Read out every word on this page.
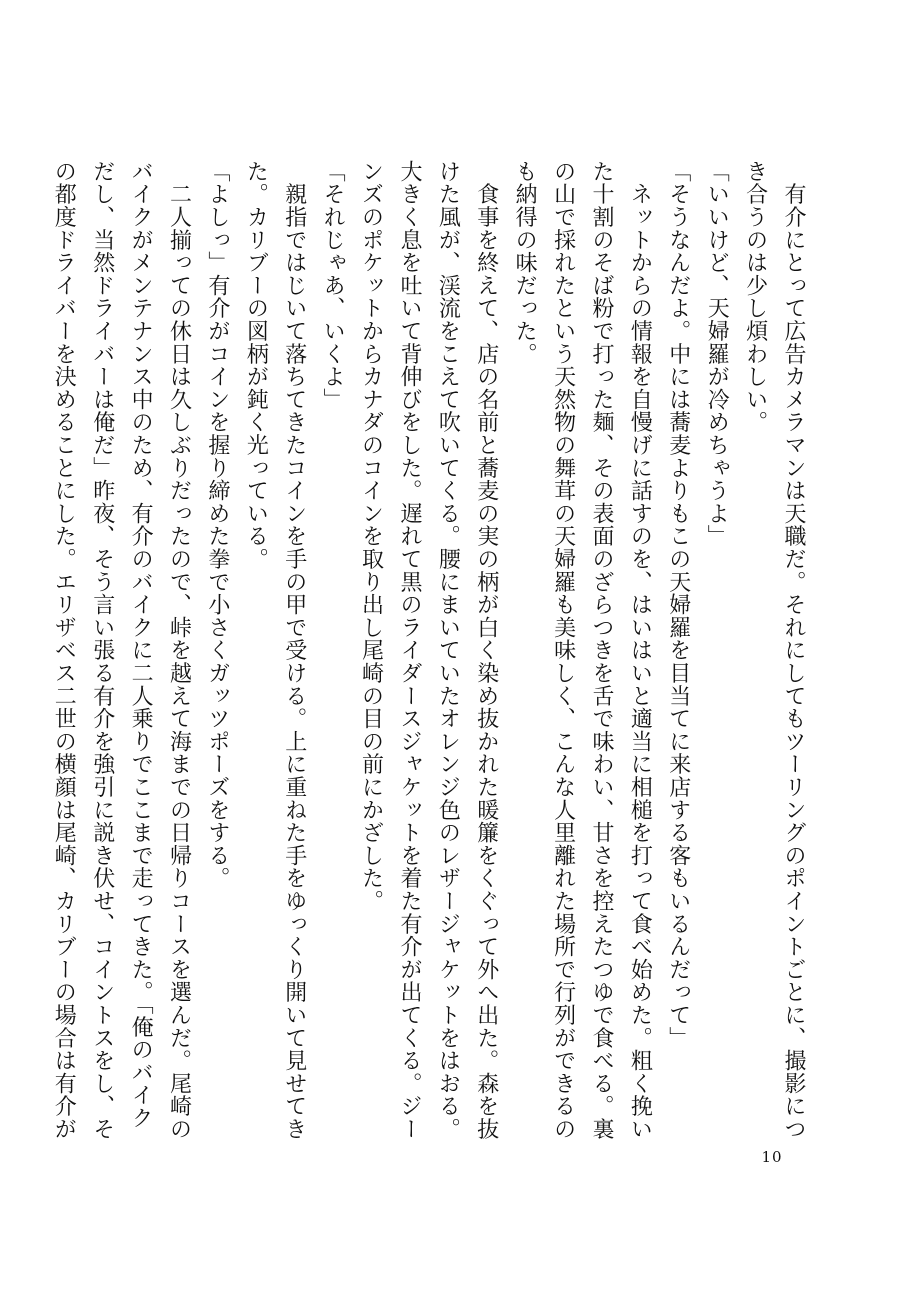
　有介にとって広告カメラマンは天職だ。それにしてもツーリングのポイントごとに、撮影につ
き合うのは少し煩わしい。
「いいけど、天婦羅が冷めちゃうよ」
「そうなんだよ。中には蕎麦よりもこの天婦羅を目当てに来店する客もいるんだって」
　ネットからの情報を自慢げに話すのを、はいはいと適当に相槌を打って食べ始めた。粗く挽い
た十割のそば粉で打った麺、その表面のざらつきを舌で味わい、甘さを控えたつゆで食べる。裏
の山で採れたという天然物の舞茸の天婦羅も美味しく、こんな人里離れた場所で行列ができるの
も納得の味だった。
　食事を終えて、店の名前と蕎麦の実の柄が白く染め抜かれた暖簾をくぐって外へ出た。森を抜
けた風が、渓流をこえて吹いてくる。腰にまいていたオレンジ色のレザージャケットをはおる。
大きく息を吐いて背伸びをした。遅れて黒のライダースジャケットを着た有介が出てくる。ジー
ンズのポケットからカナダのコインを取り出し尾崎の目の前にかざした。
「それじゃあ、いくよ」
　親指ではじいて落ちてきたコインを手の甲で受ける。上に重ねた手をゆっくり開いて見せてき
た。カリブーの図柄が鈍く光っている。
「よしっ」有介がコインを握り締めた拳で小さくガッツポーズをする。
　二人揃っての休日は久しぶりだったので、峠を越えて海までの日帰りコースを選んだ。尾崎の
バイクがメンテナンス中のため、有介のバイクに二人乗りでここまで走ってきた。「俺のバイク
だし、当然ドライバーは俺だ」昨夜、そう言い張る有介を強引に説き伏せ、コイントスをし、そ
の都度ドライバーを決めることにした。エリザベス二世の横顔は尾崎、カリブーの場合は有介が
10
